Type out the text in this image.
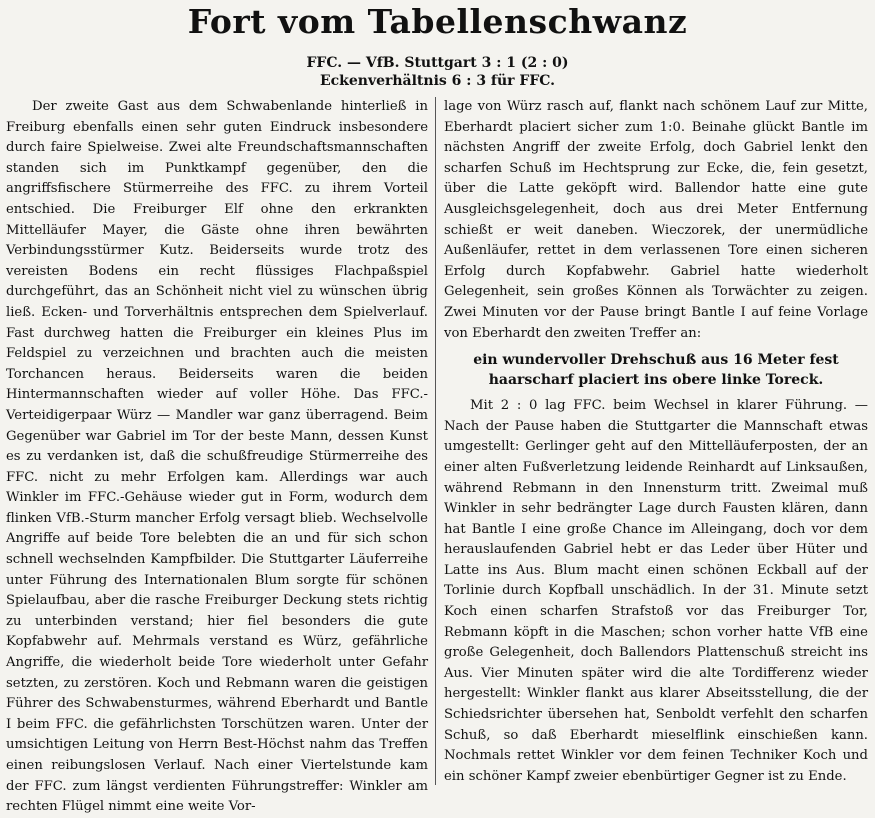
Fort vom Tabellenschwanz
FFC. — VfB. Stuttgart 3 : 1 (2 : 0)
Eckenverhältnis 6 : 3 für FFC.

Der zweite Gast aus dem Schwabenlande hinterließ in Freiburg ebenfalls einen sehr guten Eindruck insbesondere durch faire Spielweise. Zwei alte Freundschaftsmannschaften standen sich im Punktkampf gegenüber, den die angriffsfischere Stürmerreihe des FFC. zu ihrem Vorteil entschied. Die Freiburger Elf ohne den erkrankten Mittelläufer Mayer, die Gäste ohne ihren bewährten Verbindungsstürmer Kutz. Beiderseits wurde trotz des vereisten Bodens ein recht flüssiges Flachpaßspiel durchgeführt, das an Schönheit nicht viel zu wünschen übrig ließ. Ecken- und Torverhältnis entsprechen dem Spielverlauf. Fast durchweg hatten die Freiburger ein kleines Plus im Feldspiel zu verzeichnen und brachten auch die meisten Torchancen heraus. Beiderseits waren die beiden Hintermannschaften wieder auf voller Höhe. Das FFC.-Verteidigerpaar Würz — Mandler war ganz überragend. Beim Gegenüber war Gabriel im Tor der beste Mann, dessen Kunst es zu verdanken ist, daß die schußfreudige Stürmerreihe des FFC. nicht zu mehr Erfolgen kam. Allerdings war auch Winkler im FFC.-Gehäuse wieder gut in Form, wodurch dem flinken VfB.-Sturm mancher Erfolg versagt blieb. Wechselvolle Angriffe auf beide Tore belebten die an und für sich schon schnell wechselnden Kampfbilder. Die Stuttgarter Läuferreihe unter Führung des Internationalen Blum sorgte für schönen Spielaufbau, aber die rasche Freiburger Deckung stets richtig zu unterbinden verstand; hier fiel besonders die gute Kopfabwehr auf. Mehrmals verstand es Würz, gefährliche Angriffe, die wiederholt beide Tore wiederholt unter Gefahr setzten, zu zerstören. Koch und Rebmann waren die geistigen Führer des Schwabensturmes, während Eberhardt und Bantle I beim FFC. die gefährlichsten Torschützen waren. Unter der umsichtigen Leitung von Herrn Best-Höchst nahm das Treffen einen reibungslosen Verlauf. Nach einer Viertelstunde kam der FFC. zum längst verdienten Führungstreffer: Winkler am rechten Flügel nimmt eine weite Vor-

lage von Würz rasch auf, flankt nach schönem Lauf zur Mitte, Eberhardt placiert sicher zum 1:0. Beinahe glückt Bantle im nächsten Angriff der zweite Erfolg, doch Gabriel lenkt den scharfen Schuß im Hechtsprung zur Ecke, die, fein gesetzt, über die Latte geköpft wird. Ballendor hatte eine gute Ausgleichsgelegenheit, doch aus drei Meter Entfernung schießt er weit daneben. Wieczorek, der unermüdliche Außenläufer, rettet in dem verlassenen Tore einen sicheren Erfolg durch Kopfabwehr. Gabriel hatte wiederholt Gelegenheit, sein großes Können als Torwächter zu zeigen. Zwei Minuten vor der Pause bringt Bantle I auf feine Vorlage von Eberhardt den zweiten Treffer an:

ein wundervoller Drehschuß aus 16 Meter fest haarscharf placiert ins obere linke Toreck.

Mit 2 : 0 lag FFC. beim Wechsel in klarer Führung. — Nach der Pause haben die Stuttgarter die Mannschaft etwas umgestellt: Gerlinger geht auf den Mittelläuferposten, der an einer alten Fußverletzung leidende Reinhardt auf Linksaußen, während Rebmann in den Innensturm tritt. Zweimal muß Winkler in sehr bedrängter Lage durch Fausten klären, dann hat Bantle I eine große Chance im Alleingang, doch vor dem herauslaufenden Gabriel hebt er das Leder über Hüter und Latte ins Aus. Blum macht einen schönen Eckball auf der Torlinie durch Kopfball unschädlich. In der 31. Minute setzt Koch einen scharfen Strafstoß vor das Freiburger Tor, Rebmann köpft in die Maschen; schon vorher hatte VfB eine große Gelegenheit, doch Ballendors Plattenschuß streicht ins Aus. Vier Minuten später wird die alte Tordifferenz wieder hergestellt: Winkler flankt aus klarer Abseitsstellung, die der Schiedsrichter übersehen hat, Senboldt verfehlt den scharfen Schuß, so daß Eberhardt mieselflink einschießen kann. Nochmals rettet Winkler vor dem feinen Techniker Koch und ein schöner Kampf zweier ebenbürtiger Gegner ist zu Ende.
